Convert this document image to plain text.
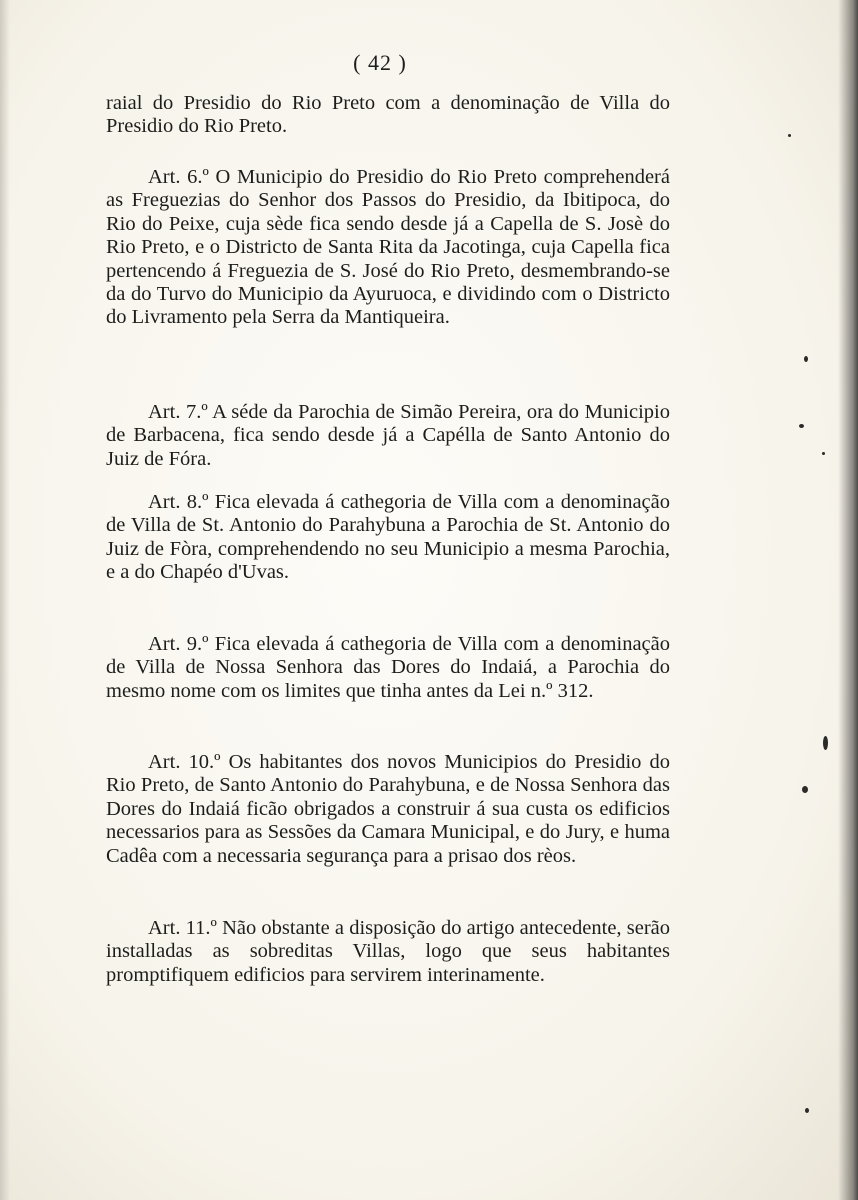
( 42 )

raial do Presidio do Rio Preto com a denominação de Villa do Presidio do Rio Preto.

Art. 6.º O Municipio do Presidio do Rio Preto comprehenderá as Freguezias do Senhor dos Passos do Presidio, da Ibitipoca, do Rio do Peixe, cuja sède fica sendo desde já a Capella de S. Josè do Rio Preto, e o Districto de Santa Rita da Jacotinga, cuja Capella fica pertencendo á Freguezia de S. José do Rio Preto, desmembrando-se da do Turvo do Municipio da Ayuruoca, e dividindo com o Districto do Livramento pela Serra da Mantiqueira.

Art. 7.º A séde da Parochia de Simão Pereira, ora do Municipio de Barbacena, fica sendo desde já a Capélla de Santo Antonio do Juiz de Fóra.

Art. 8.º Fica elevada á cathegoria de Villa com a denominação de Villa de St. Antonio do Parahybuna a Parochia de St. Antonio do Juiz de Fòra, comprehendendo no seu Municipio a mesma Parochia, e a do Chapéo d'Uvas.

Art. 9.º Fica elevada á cathegoria de Villa com a denominação de Villa de Nossa Senhora das Dores do Indaiá, a Parochia do mesmo nome com os limites que tinha antes da Lei n.º 312.

Art. 10.º Os habitantes dos novos Municipios do Presidio do Rio Preto, de Santo Antonio do Parahybuna, e de Nossa Senhora das Dores do Indaiá ficão obrigados a construir á sua custa os edificios necessarios para as Sessões da Camara Municipal, e do Jury, e huma Cadêa com a necessaria segurança para a prisao dos rèos.

Art. 11.º Não obstante a disposição do artigo antecedente, serão installadas as sobreditas Villas, logo que seus habitantes promptifiquem edificios para servirem interinamente.
